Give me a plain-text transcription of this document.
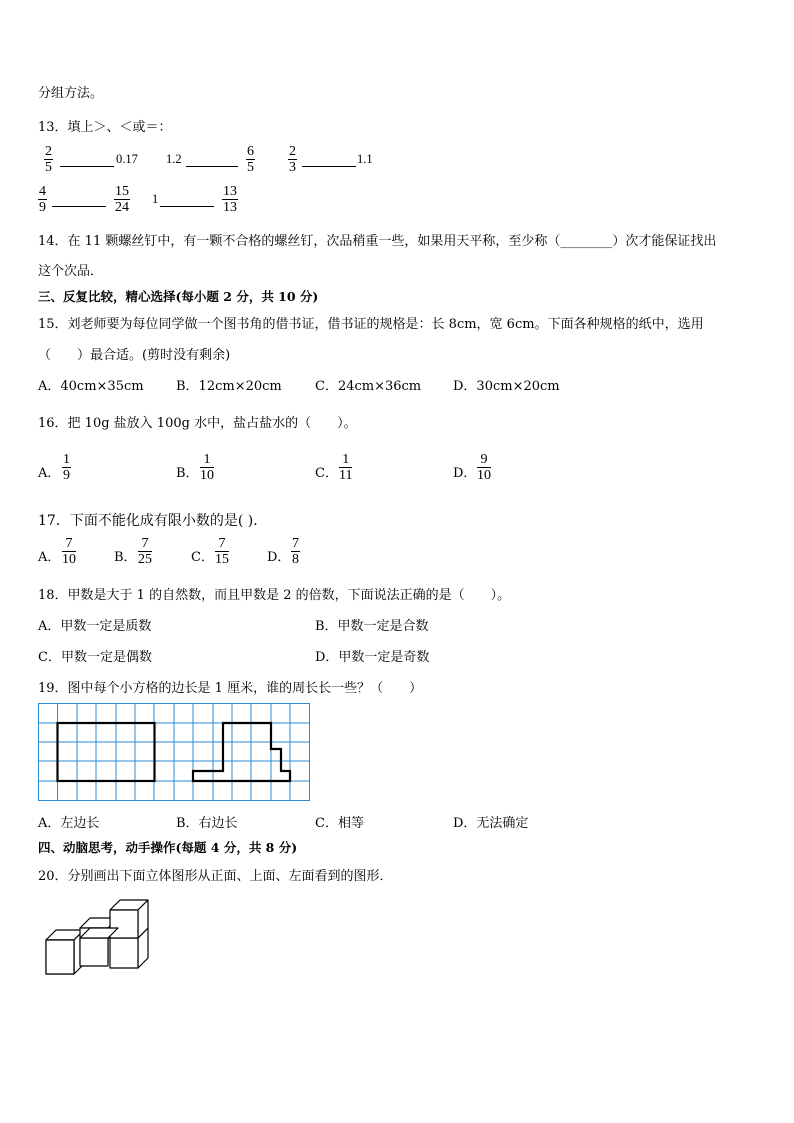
分组方法。
13．填上＞、＜或＝：
2
5
0.17 1.2	6
5
2
3
1.1
4
9
15
24
1	13
13
14．在 11 颗螺丝钉中，有一颗不合格的螺丝钉，次品稍重一些，如果用天平称，至少称（________）次才能保证找出
这个次品．
三、反复比较，精心选择(每小题 2 分，共 10 分)
15．刘老师要为每位同学做一个图书角的借书证，借书证的规格是：长 8cm，宽 6cm。下面各种规格的纸中，选用
（　　）最合适。(剪时没有剩余)
A．40cm×35cm B．12cm×20cm	C．24cm×36cm D．30cm×20cm
16．把 10g 盐放入 100g 水中，盐占盐水的（　　）。
A．
1
9	B．
1
10	C．
1
11	D．
9
10
17．下面不能化成有限小数的是( ).
A．
7
10	B．
7
25	C．
7
15	D．
7
8
18．甲数是大于 1 的自然数，而且甲数是 2 的倍数，下面说法正确的是（　　）。
A．甲数一定是质数	B．甲数一定是合数
C．甲数一定是偶数	D．甲数一定是奇数
19．图中每个小方格的边长是 1 厘米，谁的周长长一些？（　　）
A．左边长	B．右边长	C．相等	D．无法确定
四、动脑思考，动手操作(每题 4 分，共 8 分)
20．分别画出下面立体图形从正面、上面、左面看到的图形．
